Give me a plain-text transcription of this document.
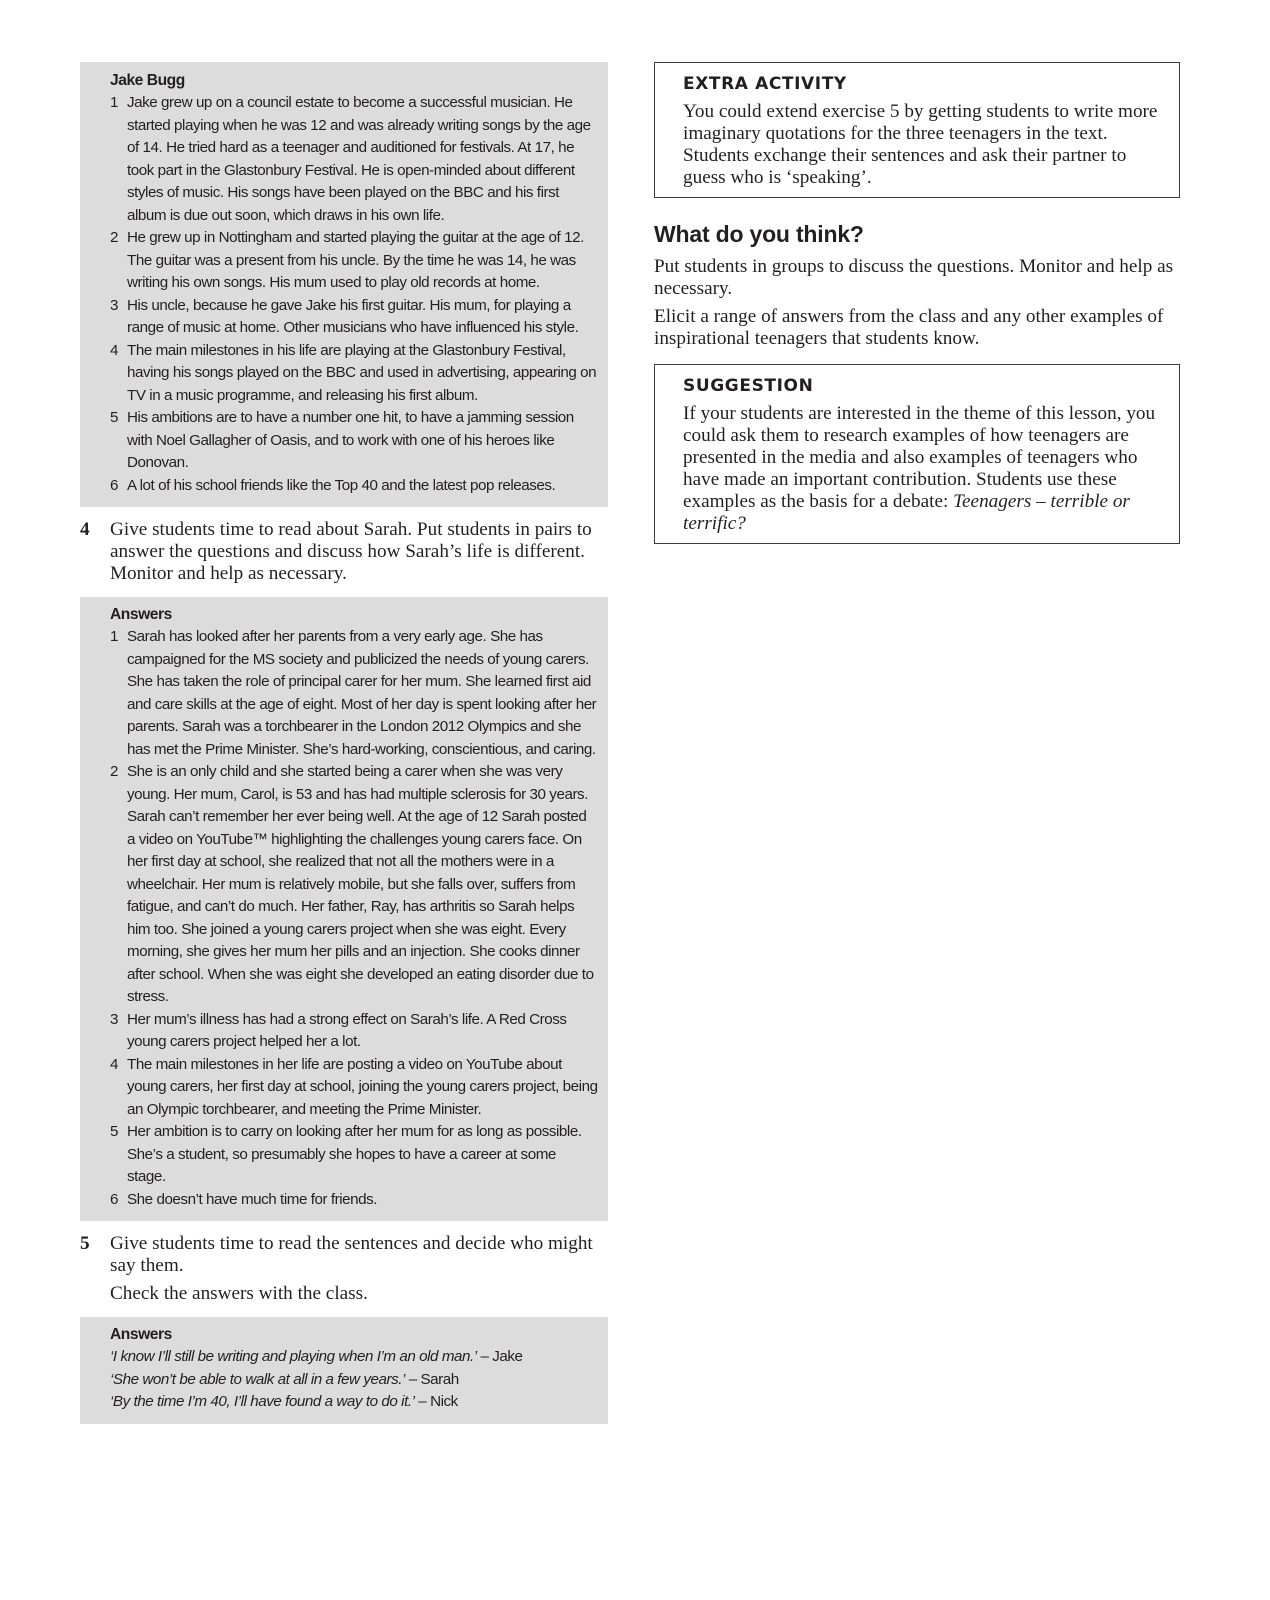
Jake Bugg
1 Jake grew up on a council estate to become a successful musician. He started playing when he was 12 and was already writing songs by the age of 14. He tried hard as a teenager and auditioned for festivals. At 17, he took part in the Glastonbury Festival. He is open-minded about different styles of music. His songs have been played on the BBC and his first album is due out soon, which draws in his own life.
2 He grew up in Nottingham and started playing the guitar at the age of 12. The guitar was a present from his uncle. By the time he was 14, he was writing his own songs. His mum used to play old records at home.
3 His uncle, because he gave Jake his first guitar. His mum, for playing a range of music at home. Other musicians who have influenced his style.
4 The main milestones in his life are playing at the Glastonbury Festival, having his songs played on the BBC and used in advertising, appearing on TV in a music programme, and releasing his first album.
5 His ambitions are to have a number one hit, to have a jamming session with Noel Gallagher of Oasis, and to work with one of his heroes like Donovan.
6 A lot of his school friends like the Top 40 and the latest pop releases.
4 Give students time to read about Sarah. Put students in pairs to answer the questions and discuss how Sarah’s life is different. Monitor and help as necessary.

Answers
1 Sarah has looked after her parents from a very early age. She has campaigned for the MS society and publicized the needs of young carers. She has taken the role of principal carer for her mum. She learned first aid and care skills at the age of eight. Most of her day is spent looking after her parents. Sarah was a torchbearer in the London 2012 Olympics and she has met the Prime Minister. She’s hard-working, conscientious, and caring.
2 She is an only child and she started being a carer when she was very young. Her mum, Carol, is 53 and has had multiple sclerosis for 30 years. Sarah can’t remember her ever being well. At the age of 12 Sarah posted a video on YouTube™ highlighting the challenges young carers face. On her first day at school, she realized that not all the mothers were in a wheelchair. Her mum is relatively mobile, but she falls over, suffers from fatigue, and can’t do much. Her father, Ray, has arthritis so Sarah helps him too. She joined a young carers project when she was eight. Every morning, she gives her mum her pills and an injection. She cooks dinner after school. When she was eight she developed an eating disorder due to stress.
3 Her mum’s illness has had a strong effect on Sarah’s life. A Red Cross young carers project helped her a lot.
4 The main milestones in her life are posting a video on YouTube about young carers, her first day at school, joining the young carers project, being an Olympic torchbearer, and meeting the Prime Minister.
5 Her ambition is to carry on looking after her mum for as long as possible. She’s a student, so presumably she hopes to have a career at some stage.
6 She doesn’t have much time for friends.
5 Give students time to read the sentences and decide who might say them.

Check the answers with the class.

Answers
‘I know I’ll still be writing and playing when I’m an old man.’ – Jake
‘She won’t be able to walk at all in a few years.’ – Sarah
‘By the time I’m 40, I’ll have found a way to do it.’ – Nick
EXTRA ACTIVITY

You could extend exercise 5 by getting students to write more imaginary quotations for the three teenagers in the text. Students exchange their sentences and ask their partner to guess who is ‘speaking’.

What do you think?

Put students in groups to discuss the questions. Monitor and help as necessary.

Elicit a range of answers from the class and any other examples of inspirational teenagers that students know.

SUGGESTION

If your students are interested in the theme of this lesson, you could ask them to research examples of how teenagers are presented in the media and also examples of teenagers who have made an important contribution. Students use these examples as the basis for a debate: Teenagers – terrible or terrific?
